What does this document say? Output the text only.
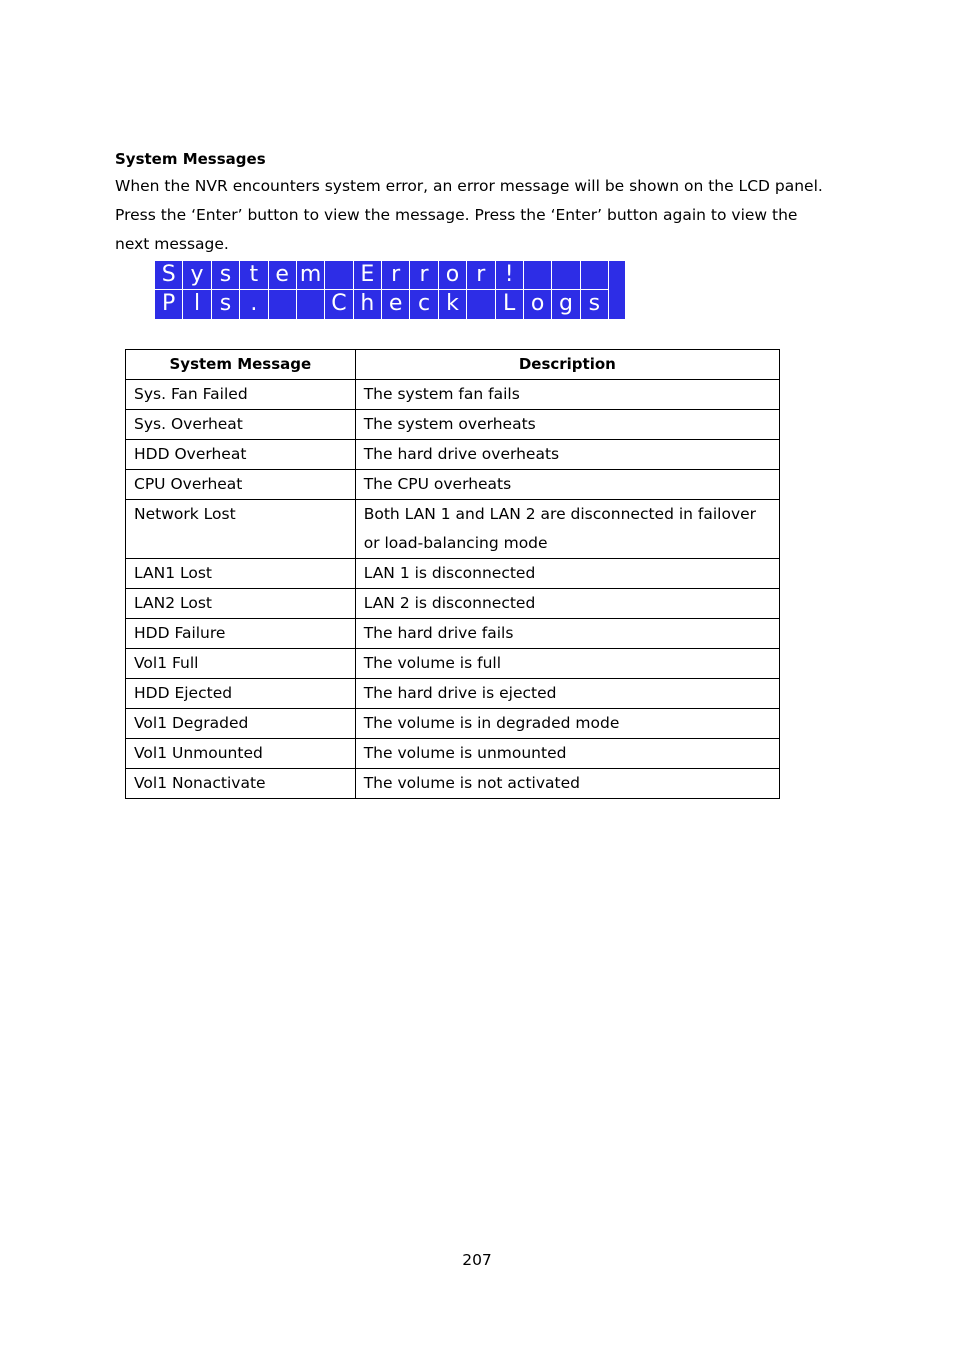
System Messages

When the NVR encounters system error, an error message will be shown on the LCD panel.
Press the ‘Enter’ button to view the message. Press the ‘Enter’ button again to view the
next message.

S y s t e m	E r r o r !
P l s .	C h e c k	L o g s
System Message	Description
Sys. Fan Failed	The system fan fails
Sys. Overheat	The system overheats
HDD Overheat	The hard drive overheats
CPU Overheat	The CPU overheats
Network Lost	Both LAN 1 and LAN 2 are disconnected in failover or load-balancing mode
LAN1 Lost	LAN 1 is disconnected
LAN2 Lost	LAN 2 is disconnected
HDD Failure	The hard drive fails
Vol1 Full	The volume is full
HDD Ejected	The hard drive is ejected
Vol1 Degraded	The volume is in degraded mode
Vol1 Unmounted	The volume is unmounted
Vol1 Nonactivate	The volume is not activated
207
